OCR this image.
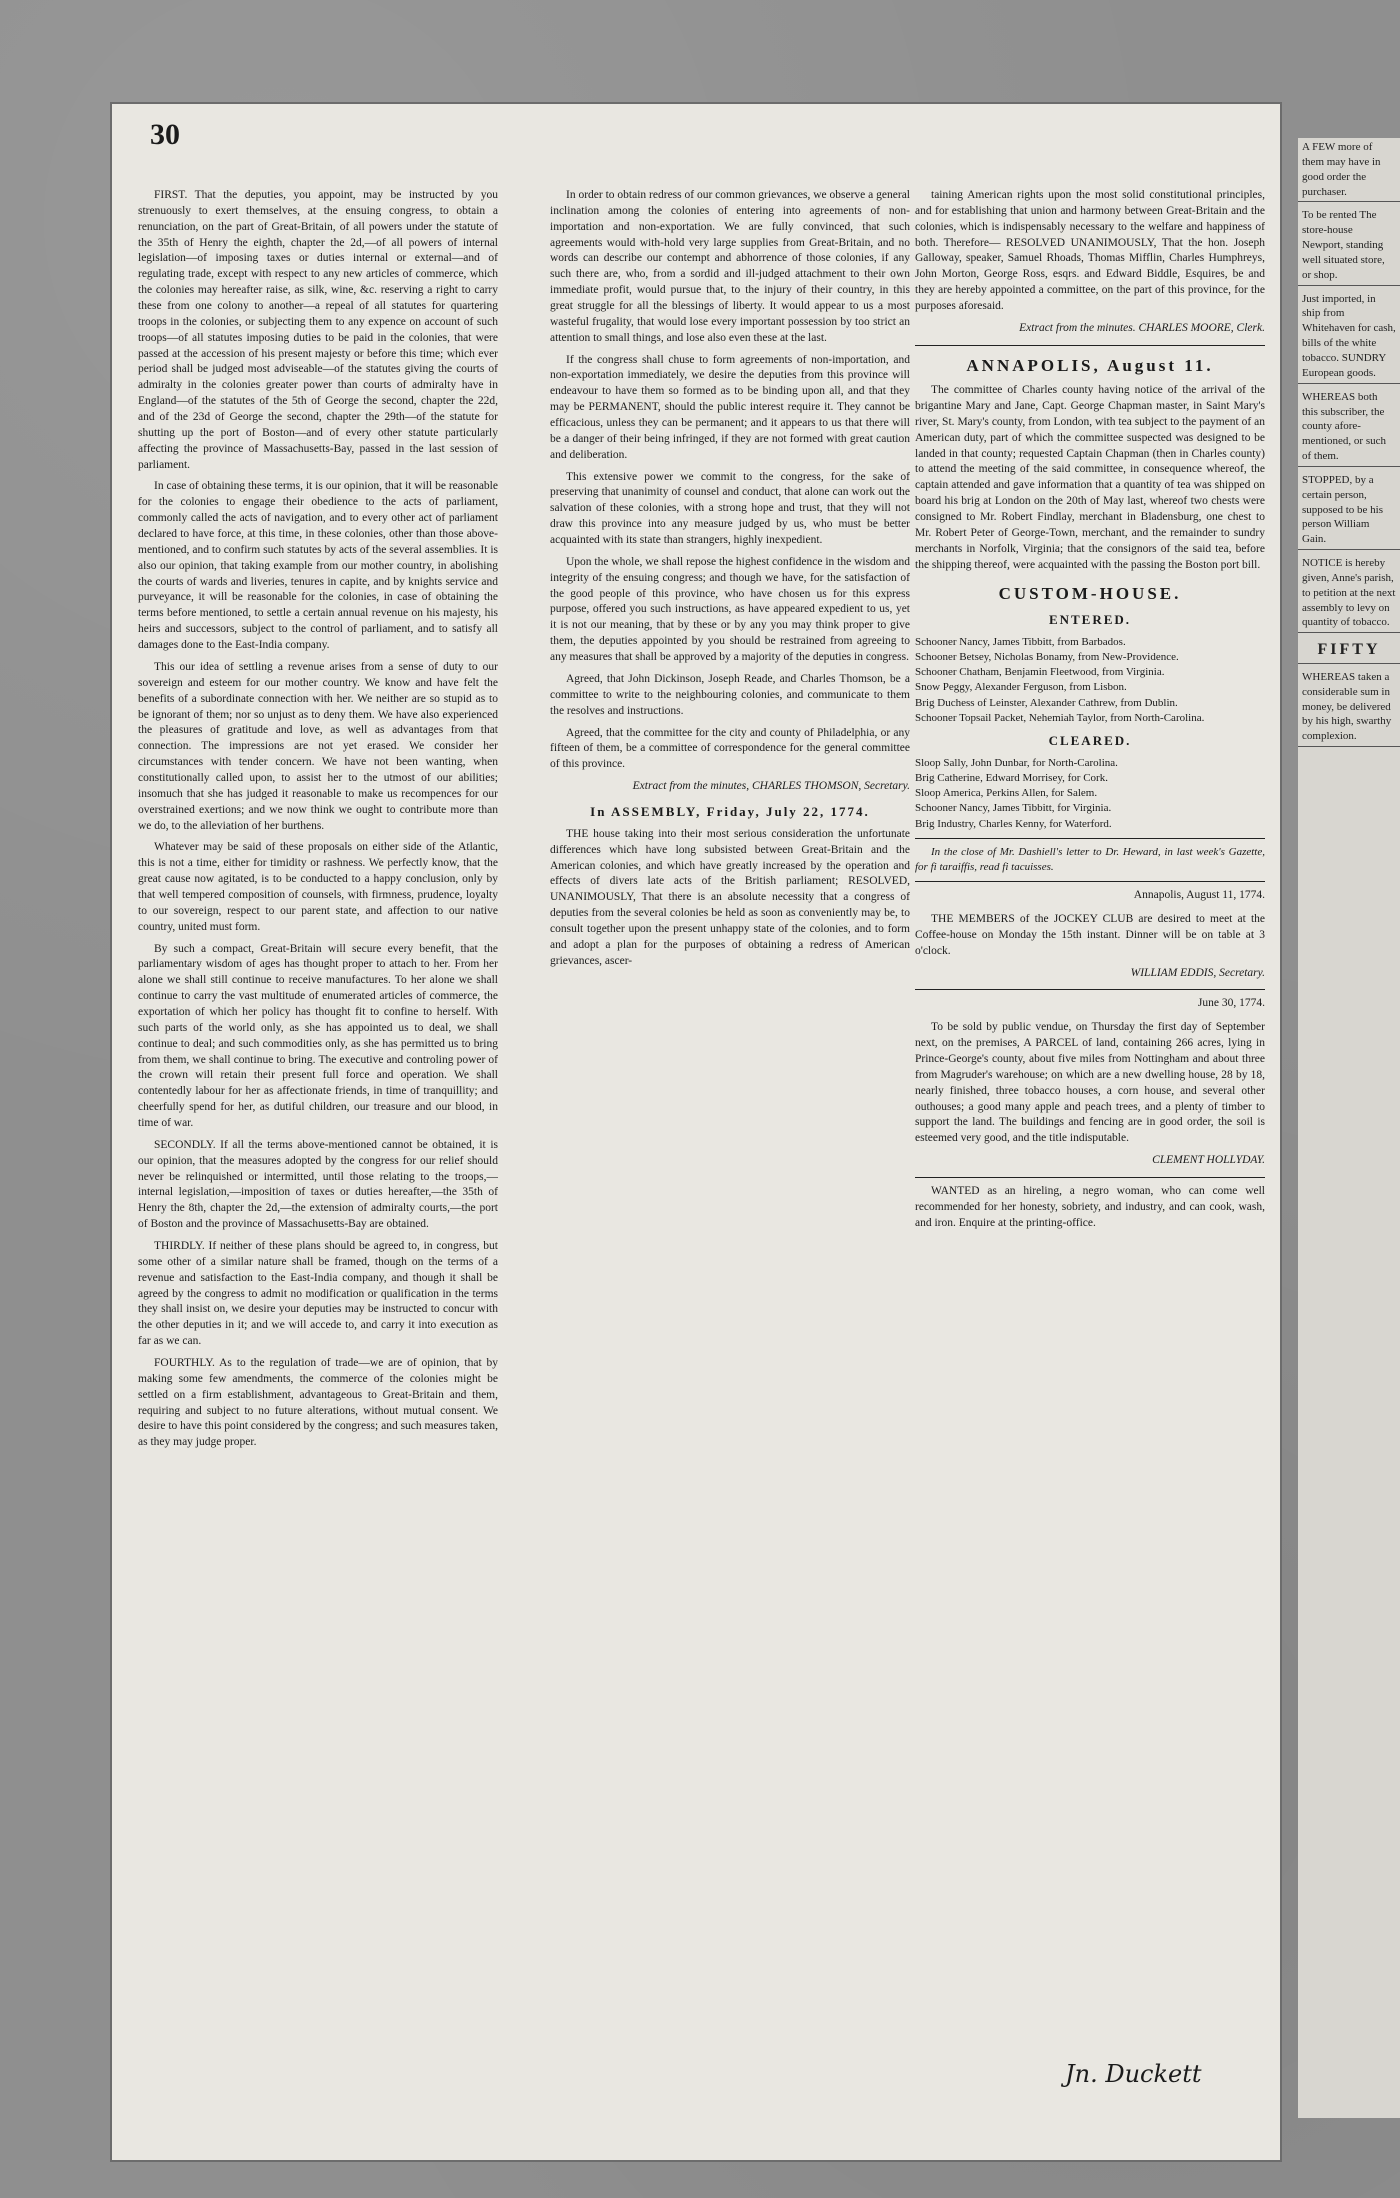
30

FIRST. That the deputies, you appoint, may be instructed by you strenuously to exert themselves, at the ensuing congress, to obtain a renunciation, on the part of Great-Britain, of all powers under the statute of the 35th of Henry the eighth, chapter the 2d,—of all powers of internal legislation—of imposing taxes or duties internal or external—and of regulating trade, except with respect to any new articles of commerce, which the colonies may hereafter raise, as silk, wine, &c. reserving a right to carry these from one colony to another—a repeal of all statutes for quartering troops in the colonies, or subjecting them to any expence on account of such troops—of all statutes imposing duties to be paid in the colonies, that were passed at the accession of his present majesty or before this time; which ever period shall be judged most adviseable—of the statutes giving the courts of admiralty in the colonies greater power than courts of admiralty have in England—of the statutes of the 5th of George the second, chapter the 22d, and of the 23d of George the second, chapter the 29th—of the statute for shutting up the port of Boston—and of every other statute particularly affecting the province of Massachusetts-Bay, passed in the last session of parliament.

In case of obtaining these terms, it is our opinion, that it will be reasonable for the colonies to engage their obedience to the acts of parliament, commonly called the acts of navigation, and to every other act of parliament declared to have force, at this time, in these colonies, other than those above-mentioned, and to confirm such statutes by acts of the several assemblies. It is also our opinion, that taking example from our mother country, in abolishing the courts of wards and liveries, tenures in capite, and by knights service and purveyance, it will be reasonable for the colonies, in case of obtaining the terms before mentioned, to settle a certain annual revenue on his majesty, his heirs and successors, subject to the control of parliament, and to satisfy all damages done to the East-India company.

This our idea of settling a revenue arises from a sense of duty to our sovereign and esteem for our mother country. We know and have felt the benefits of a subordinate connection with her. We neither are so stupid as to be ignorant of them; nor so unjust as to deny them. We have also experienced the pleasures of gratitude and love, as well as advantages from that connection. The impressions are not yet erased. We consider her circumstances with tender concern. We have not been wanting, when constitutionally called upon, to assist her to the utmost of our abilities; insomuch that she has judged it reasonable to make us recompences for our overstrained exertions; and we now think we ought to contribute more than we do, to the alleviation of her burthens.

Whatever may be said of these proposals on either side of the Atlantic, this is not a time, either for timidity or rashness. We perfectly know, that the great cause now agitated, is to be conducted to a happy conclusion, only by that well tempered composition of counsels, with firmness, prudence, loyalty to our sovereign, respect to our parent state, and affection to our native country, united must form.

By such a compact, Great-Britain will secure every benefit, that the parliamentary wisdom of ages has thought proper to attach to her. From her alone we shall still continue to receive manufactures. To her alone we shall continue to carry the vast multitude of enumerated articles of commerce, the exportation of which her policy has thought fit to confine to herself. With such parts of the world only, as she has appointed us to deal, we shall continue to deal; and such commodities only, as she has permitted us to bring from them, we shall continue to bring. The executive and controling power of the crown will retain their present full force and operation. We shall contentedly labour for her as affectionate friends, in time of tranquillity; and cheerfully spend for her, as dutiful children, our treasure and our blood, in time of war.

SECONDLY. If all the terms above-mentioned cannot be obtained, it is our opinion, that the measures adopted by the congress for our relief should never be relinquished or intermitted, until those relating to the troops,—internal legislation,—imposition of taxes or duties hereafter,—the 35th of Henry the 8th, chapter the 2d,—the extension of admiralty courts,—the port of Boston and the province of Massachusetts-Bay are obtained.

THIRDLY. If neither of these plans should be agreed to, in congress, but some other of a similar nature shall be framed, though on the terms of a revenue and satisfaction to the East-India company, and though it shall be agreed by the congress to admit no modification or qualification in the terms they shall insist on, we desire your deputies may be instructed to concur with the other deputies in it; and we will accede to, and carry it into execution as far as we can.

FOURTHLY. As to the regulation of trade—we are of opinion, that by making some few amendments, the commerce of the colonies might be settled on a firm establishment, advantageous to Great-Britain and them, requiring and subject to no future alterations, without mutual consent. We desire to have this point considered by the congress; and such measures taken, as they may judge proper.

In order to obtain redress of our common grievances, we observe a general inclination among the colonies of entering into agreements of non-importation and non-exportation. We are fully convinced, that such agreements would with-hold very large supplies from Great-Britain, and no words can describe our contempt and abhorrence of those colonies, if any such there are, who, from a sordid and ill-judged attachment to their own immediate profit, would pursue that, to the injury of their country, in this great struggle for all the blessings of liberty. It would appear to us a most wasteful frugality, that would lose every important possession by too strict an attention to small things, and lose also even these at the last.

If the congress shall chuse to form agreements of non-importation, and non-exportation immediately, we desire the deputies from this province will endeavour to have them so formed as to be binding upon all, and that they may be PERMANENT, should the public interest require it. They cannot be efficacious, unless they can be permanent; and it appears to us that there will be a danger of their being infringed, if they are not formed with great caution and deliberation.

This extensive power we commit to the congress, for the sake of preserving that unanimity of counsel and conduct, that alone can work out the salvation of these colonies, with a strong hope and trust, that they will not draw this province into any measure judged by us, who must be better acquainted with its state than strangers, highly inexpedient.

Upon the whole, we shall repose the highest confidence in the wisdom and integrity of the ensuing congress; and though we have, for the satisfaction of the good people of this province, who have chosen us for this express purpose, offered you such instructions, as have appeared expedient to us, yet it is not our meaning, that by these or by any you may think proper to give them, the deputies appointed by you should be restrained from agreeing to any measures that shall be approved by a majority of the deputies in congress.

Agreed, that John Dickinson, Joseph Reade, and Charles Thomson, be a committee to write to the neighbouring colonies, and communicate to them the resolves and instructions.

Agreed, that the committee for the city and county of Philadelphia, or any fifteen of them, be a committee of correspondence for the general committee of this province.

Extract from the minutes, CHARLES THOMSON, Secretary.
In ASSEMBLY, Friday, July 22, 1774.

THE house taking into their most serious consideration the unfortunate differences which have long subsisted between Great-Britain and the American colonies, and which have greatly increased by the operation and effects of divers late acts of the British parliament; RESOLVED, UNANIMOUSLY, That there is an absolute necessity that a congress of deputies from the several colonies be held as soon as conveniently may be, to consult together upon the present unhappy state of the colonies, and to form and adopt a plan for the purposes of obtaining a redress of American grievances, ascer-

taining American rights upon the most solid constitutional principles, and for establishing that union and harmony between Great-Britain and the colonies, which is indispensably necessary to the welfare and happiness of both. Therefore— RESOLVED UNANIMOUSLY, That the hon. Joseph Galloway, speaker, Samuel Rhoads, Thomas Mifflin, Charles Humphreys, John Morton, George Ross, esqrs. and Edward Biddle, Esquires, be and they are hereby appointed a committee, on the part of this province, for the purposes aforesaid.

Extract from the minutes. CHARLES MOORE, Clerk.
ANNAPOLIS, August 11.

The committee of Charles county having notice of the arrival of the brigantine Mary and Jane, Capt. George Chapman master, in Saint Mary's river, St. Mary's county, from London, with tea subject to the payment of an American duty, part of which the committee suspected was designed to be landed in that county; requested Captain Chapman (then in Charles county) to attend the meeting of the said committee, in consequence whereof, the captain attended and gave information that a quantity of tea was shipped on board his brig at London on the 20th of May last, whereof two chests were consigned to Mr. Robert Findlay, merchant in Bladensburg, one chest to Mr. Robert Peter of George-Town, merchant, and the remainder to sundry merchants in Norfolk, Virginia; that the consignors of the said tea, before the shipping thereof, were acquainted with the passing the Boston port bill.

CUSTOM-HOUSE.
ENTERED.
Schooner Nancy, James Tibbitt, from Barbados.
Schooner Betsey, Nicholas Bonamy, from New-Providence.
Schooner Chatham, Benjamin Fleetwood, from Virginia.
Snow Peggy, Alexander Ferguson, from Lisbon.
Brig Duchess of Leinster, Alexander Cathrew, from Dublin.
Schooner Topsail Packet, Nehemiah Taylor, from North-Carolina.
CLEARED.
Sloop Sally, John Dunbar, for North-Carolina.
Brig Catherine, Edward Morrisey, for Cork.
Sloop America, Perkins Allen, for Salem.
Schooner Nancy, James Tibbitt, for Virginia.
Brig Industry, Charles Kenny, for Waterford.

In the close of Mr. Dashiell's letter to Dr. Heward, in last week's Gazette, for fi taraiffis, read fi tacuisses.

Annapolis, August 11, 1774.

THE MEMBERS of the JOCKEY CLUB are desired to meet at the Coffee-house on Monday the 15th instant. Dinner will be on table at 3 o'clock.

WILLIAM EDDIS, Secretary.
June 30, 1774.

To be sold by public vendue, on Thursday the first day of September next, on the premises, A PARCEL of land, containing 266 acres, lying in Prince-George's county, about five miles from Nottingham and about three from Magruder's warehouse; on which are a new dwelling house, 28 by 18, nearly finished, three tobacco houses, a corn house, and several other outhouses; a good many apple and peach trees, and a plenty of timber to support the land. The buildings and fencing are in good order, the soil is esteemed very good, and the title indisputable.

CLEMENT HOLLYDAY.

WANTED as an hireling, a negro woman, who can come well recommended for her honesty, sobriety, and industry, and can cook, wash, and iron. Enquire at the printing-office.

Jn. Duckett
A FEW more of them may have in good order the purchaser.
To be rented The store-house Newport, standing well situated store, or shop.
Just imported, in ship from Whitehaven for cash, bills of the white tobacco. SUNDRY European goods.
WHEREAS both this subscriber, the county afore-mentioned, or such of them.
STOPPED, by a certain person, supposed to be his person William Gain.
NOTICE is hereby given, Anne's parish, to petition at the next assembly to levy on quantity of tobacco.
FIFTY
WHEREAS taken a considerable sum in money, be delivered by his high, swarthy complexion.
